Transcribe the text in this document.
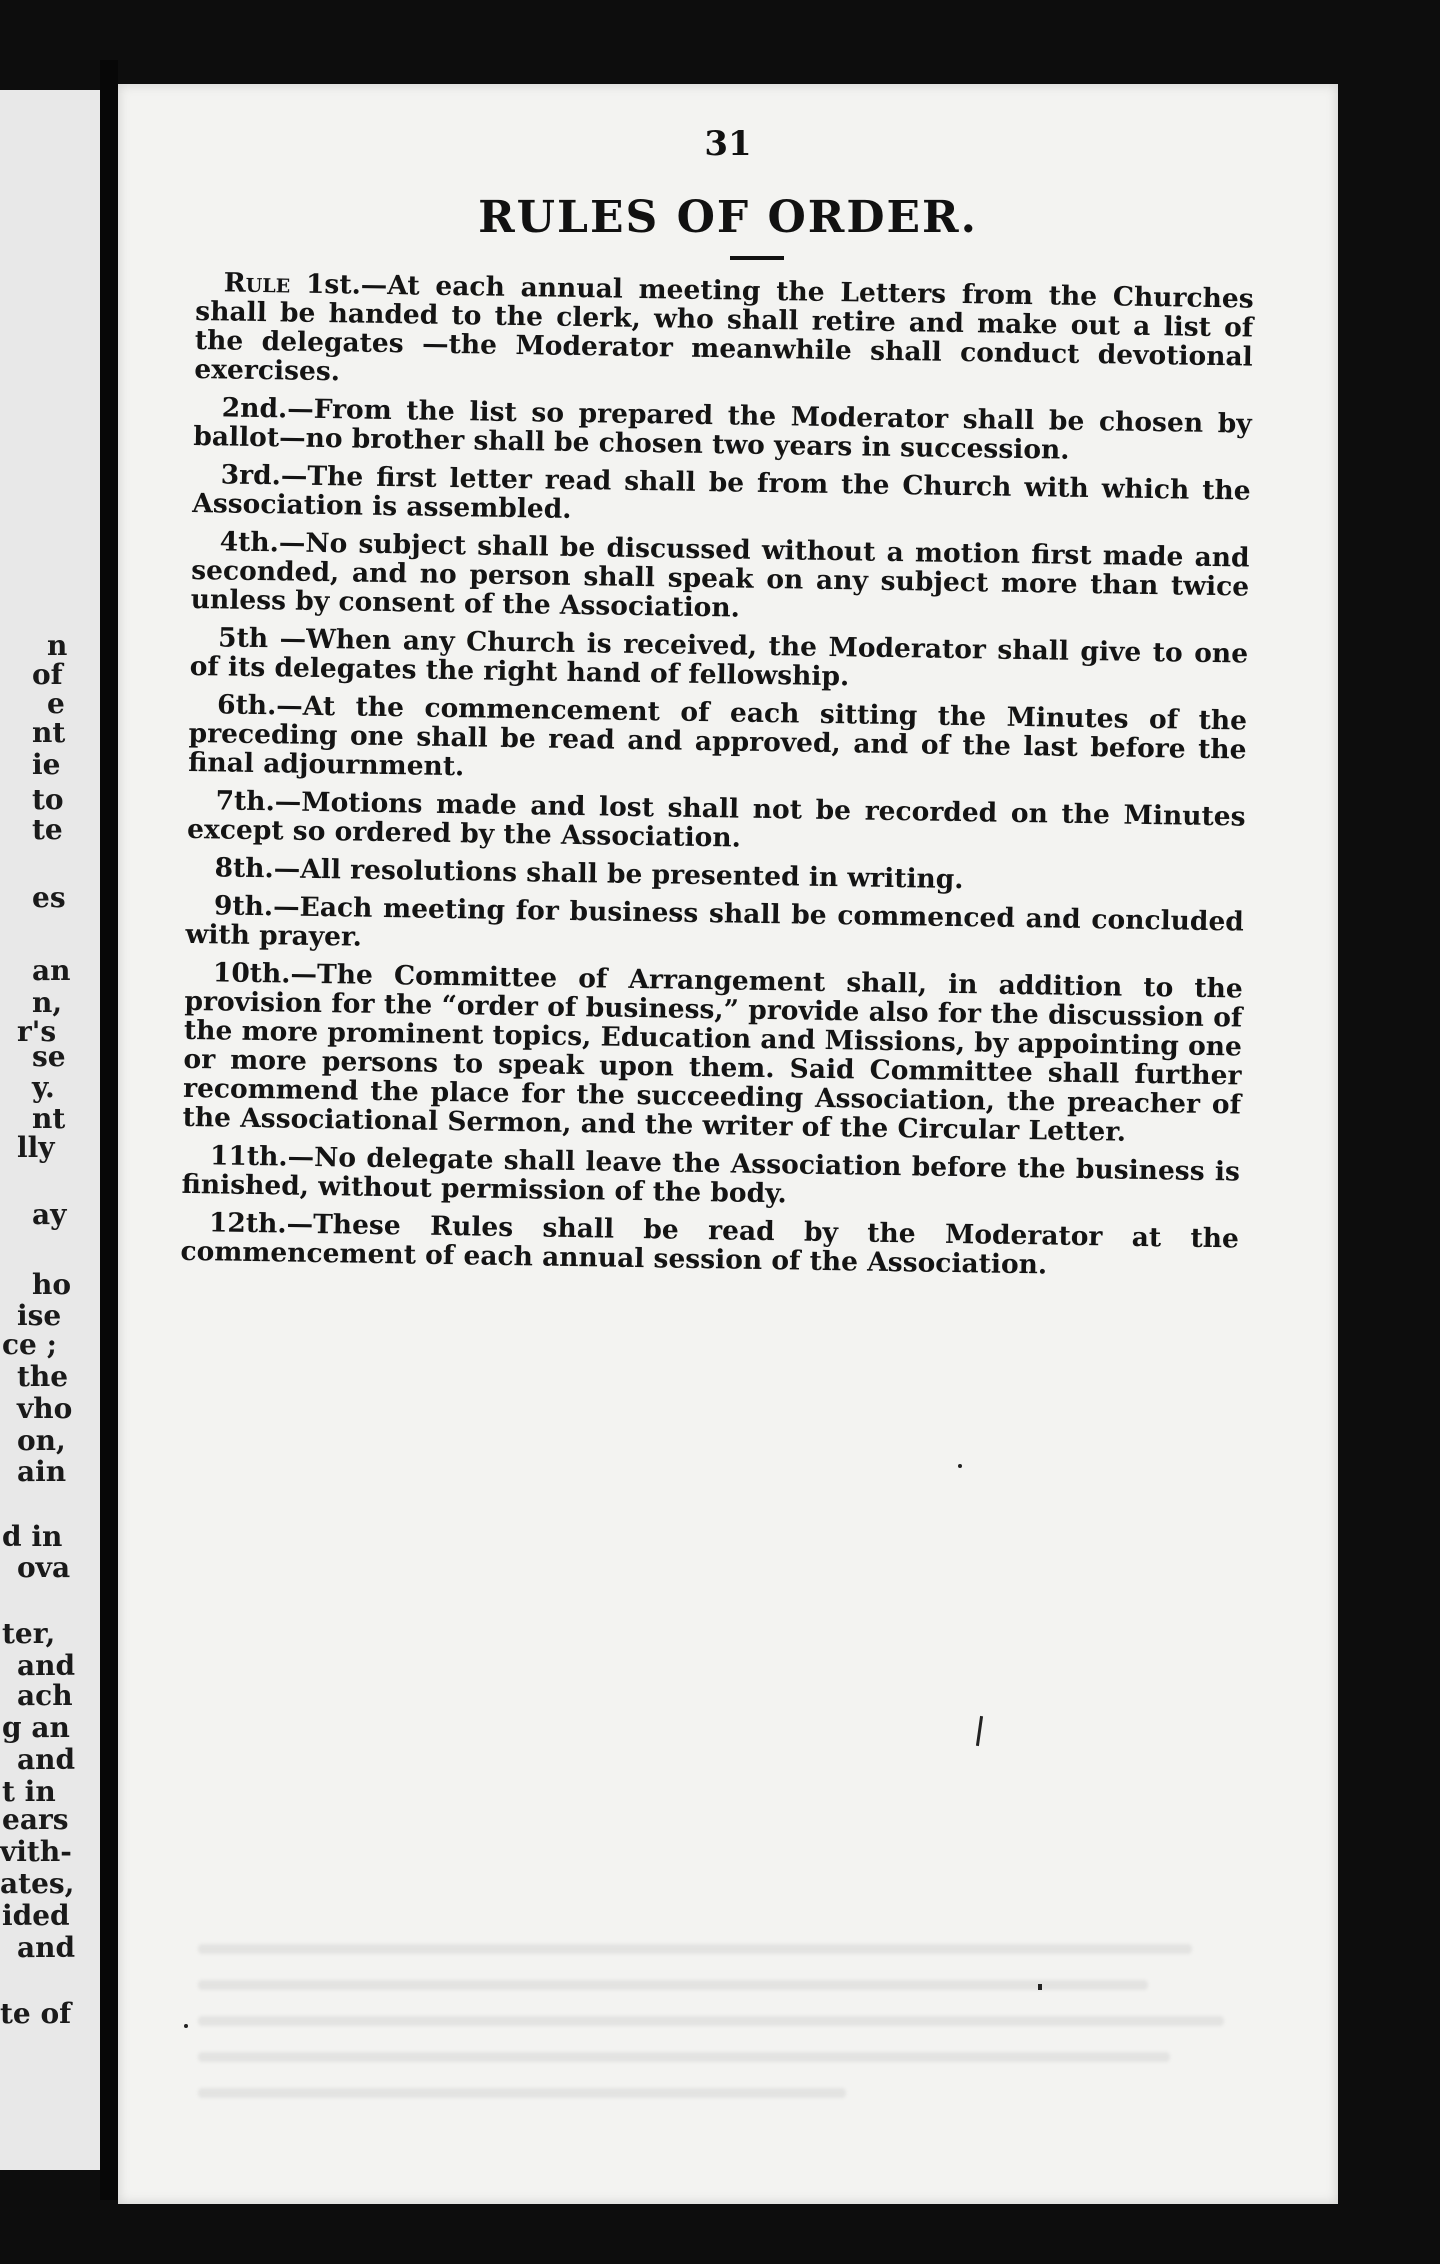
n
of
e
nt
ie
to
te
es
an
n,
r's
se
y.
nt
lly
ay
ho
ise
ce ;
the
vho
on,
ain
d in
ova
ter,
and
ach
g an
and
t in
ears
vith-
ates,
ided
and
te of
31
RULES OF ORDER.

Rule 1st.—At each annual meeting the Letters from the Churches shall be handed to the clerk, who shall retire and make out a list of the delegates —the Moderator meanwhile shall conduct devotional exercises.

2nd.—From the list so prepared the Moderator shall be chosen by ballot—no brother shall be chosen two years in succession.

3rd.—The first letter read shall be from the Church with which the Association is assembled.

4th.—No subject shall be discussed without a motion first made and seconded, and no person shall speak on any subject more than twice unless by consent of the Association.

5th —When any Church is received, the Moderator shall give to one of its delegates the right hand of fellowship.

6th.—At the commencement of each sitting the Minutes of the preceding one shall be read and approved, and of the last before the final adjournment.

7th.—Motions made and lost shall not be recorded on the Minutes except so ordered by the Association.

8th.—All resolutions shall be presented in writing.

9th.—Each meeting for business shall be commenced and concluded with prayer.

10th.—The Committee of Arrangement shall, in addition to the provision for the “order of business,” provide also for the discussion of the more prominent topics, Education and Missions, by appointing one or more persons to speak upon them. Said Committee shall further recommend the place for the succeeding Association, the preacher of the Associational Sermon, and the writer of the Circular Letter.

11th.—No delegate shall leave the Association before the business is finished, without permission of the body.

12th.—These Rules shall be read by the Moderator at the commencement of each annual session of the Association.
